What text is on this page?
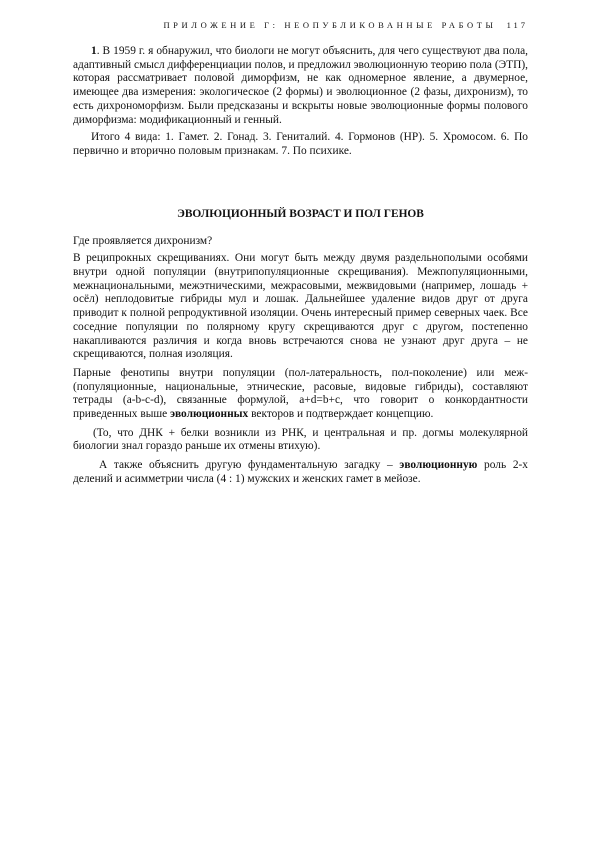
ПРИЛОЖЕНИЕ Г: НЕОПУБЛИКОВАННЫЕ РАБОТЫ 117

1. В 1959 г. я обнаружил, что биологи не могут объяснить, для чего существуют два пола, адаптивный смысл дифференциации полов, и предложил эволюционную теорию пола (ЭТП), которая рассматривает половой диморфизм, не как одномерное явление, а двумерное, имеющее два измерения: экологическое (2 формы) и эволюционное (2 фазы, дихронизм), то есть дихрономорфизм. Были предсказаны и вскрыты новые эволюционные формы полового диморфизма: модификационный и генный.

Итого 4 вида: 1. Гамет. 2. Гонад. 3. Гениталий. 4. Гормонов (НР). 5. Хромосом. 6. По первично и вторично половым признакам. 7. По психике.

ЭВОЛЮЦИОННЫЙ ВОЗРАСТ И ПОЛ ГЕНОВ

Где проявляется дихронизм?

В реципрокных скрещиваниях. Они могут быть между двумя раздельнополыми особями внутри одной популяции (внутрипопуляционные скрещивания). Межпопуляционными, межнациональными, межэтническими, межрасовыми, межвидовыми (например, лошадь + осёл) неплодовитые гибриды мул и лошак. Дальнейшее удаление видов друг от друга приводит к полной репродуктивной изоляции. Очень интересный пример северных чаек. Все соседние популяции по полярному кругу скрещиваются друг с другом, постепенно накапливаются различия и когда вновь встречаются снова не узнают друг друга – не скрещиваются, полная изоляция.

Парные фенотипы внутри популяции (пол-латеральность, пол-поколение) или меж- (популяционные, национальные, этнические, расовые, видовые гибриды), составляют тетрады (a-b-c-d), связанные формулой, a+d=b+c, что говорит о конкордантности приведенных выше эволюционных векторов и подтверждает концепцию.

(То, что ДНК + белки возникли из РНК, и центральная и пр. догмы молекулярной биологии знал гораздо раньше их отмены втихую).

А также объяснить другую фундаментальную загадку – эволюционную роль 2-х делений и асимметрии числа (4 : 1) мужских и женских гамет в мейозе.
